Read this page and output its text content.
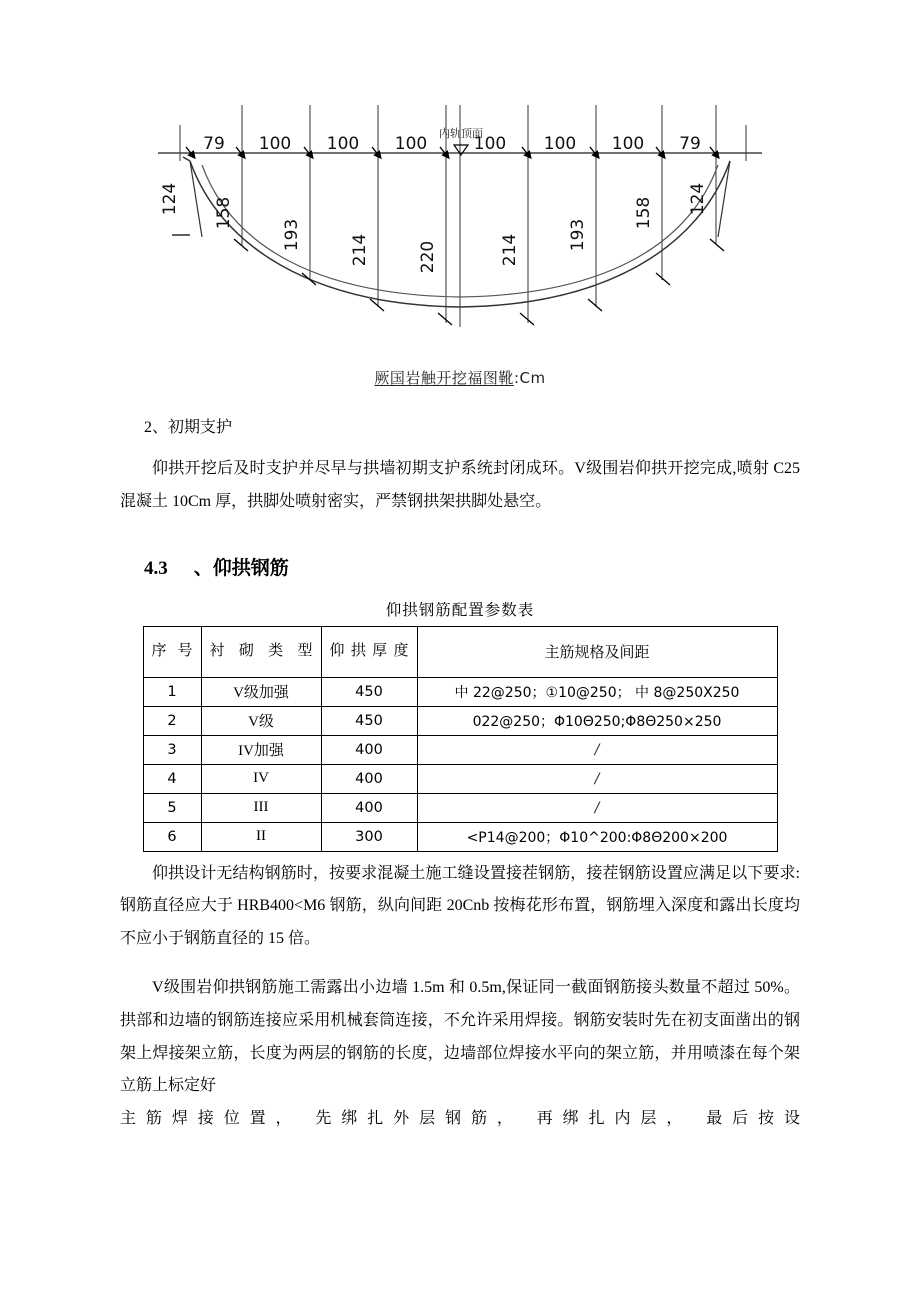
内轨顶面
79 100 100 100	100 100 100 79
124 158
193	214	220	214	193
158 124
厥国岩触开挖福图靴:Cm
2、初期支护

仰拱开挖后及时支护并尽早与拱墙初期支护系统封闭成环。V级围岩仰拱开挖完成,喷射 C25 混凝土 10Cm 厚，拱脚处喷射密实，严禁钢拱架拱脚处悬空。

4.3 、仰拱钢筋
仰拱钢筋配置参数表
序号	衬砌类型	仰拱厚度	主筋规格及间距
1	V级加强	450	中 22@250；①10@250； 中 8@250X250
2	V级	450	022@250；Φ10Θ250;Φ8Θ250×250
3	IV加强	400	/
4	IV	400	/
5	III	400	/
6	II	300	<P14@200；Φ10^200:Φ8Θ200×200

仰拱设计无结构钢筋时，按要求混凝土施工缝设置接茬钢筋，接茬钢筋设置应满足以下要求: 钢筋直径应大于 HRB400<M6 钢筋，纵向间距 20Cnb 按梅花形布置，钢筋埋入深度和露出长度均不应小于钢筋直径的 15 倍。

V级围岩仰拱钢筋施工需露出小边墙 1.5m 和 0.5m,保证同一截面钢筋接头数量不超过 50%。拱部和边墙的钢筋连接应采用机械套筒连接，不允许采用焊接。钢筋安装时先在初支面凿出的钢架上焊接架立筋，长度为两层的钢筋的长度，边墙部位焊接水平向的架立筋，并用喷漆在每个架立筋上标定好

主筋焊接位置， 先绑扎外层钢筋， 再绑扎内层， 最后按设
